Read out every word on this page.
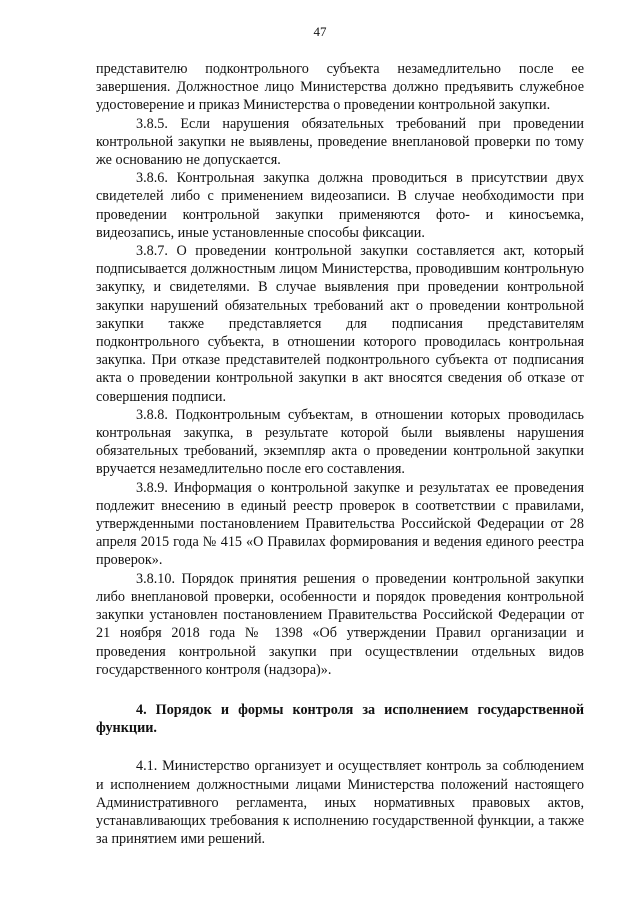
47

представителю подконтрольного субъекта незамедлительно после ее завершения. Должностное лицо Министерства должно предъявить служебное удостоверение и приказ Министерства о проведении контрольной закупки.

3.8.5. Если нарушения обязательных требований при проведении контрольной закупки не выявлены, проведение внеплановой проверки по тому же основанию не допускается.

3.8.6. Контрольная закупка должна проводиться в присутствии двух свидетелей либо с применением видеозаписи. В случае необходимости при проведении контрольной закупки применяются фото- и киносъемка, видеозапись, иные установленные способы фиксации.

3.8.7. О проведении контрольной закупки составляется акт, который подписывается должностным лицом Министерства, проводившим контрольную закупку, и свидетелями. В случае выявления при проведении контрольной закупки нарушений обязательных требований акт о проведении контрольной закупки также представляется для подписания представителям подконтрольного субъекта, в отношении которого проводилась контрольная закупка. При отказе представителей подконтрольного субъекта от подписания акта о проведении контрольной закупки в акт вносятся сведения об отказе от совершения подписи.

3.8.8. Подконтрольным субъектам, в отношении которых проводилась контрольная закупка, в результате которой были выявлены нарушения обязательных требований, экземпляр акта о проведении контрольной закупки вручается незамедлительно после его составления.

3.8.9. Информация о контрольной закупке и результатах ее проведения подлежит внесению в единый реестр проверок в соответствии с правилами, утвержденными постановлением Правительства Российской Федерации от 28 апреля 2015 года № 415 «О Правилах формирования и ведения единого реестра проверок».

3.8.10. Порядок принятия решения о проведении контрольной закупки либо внеплановой проверки, особенности и порядок проведения контрольной закупки установлен постановлением Правительства Российской Федерации от 21 ноября 2018 года № 1398 «Об утверждении Правил организации и проведения контрольной закупки при осуществлении отдельных видов государственного контроля (надзора)».

4. Порядок и формы контроля за исполнением государственной функции.

4.1. Министерство организует и осуществляет контроль за соблюдением и исполнением должностными лицами Министерства положений настоящего Административного регламента, иных нормативных правовых актов, устанавливающих требования к исполнению государственной функции, а также за принятием ими решений.
